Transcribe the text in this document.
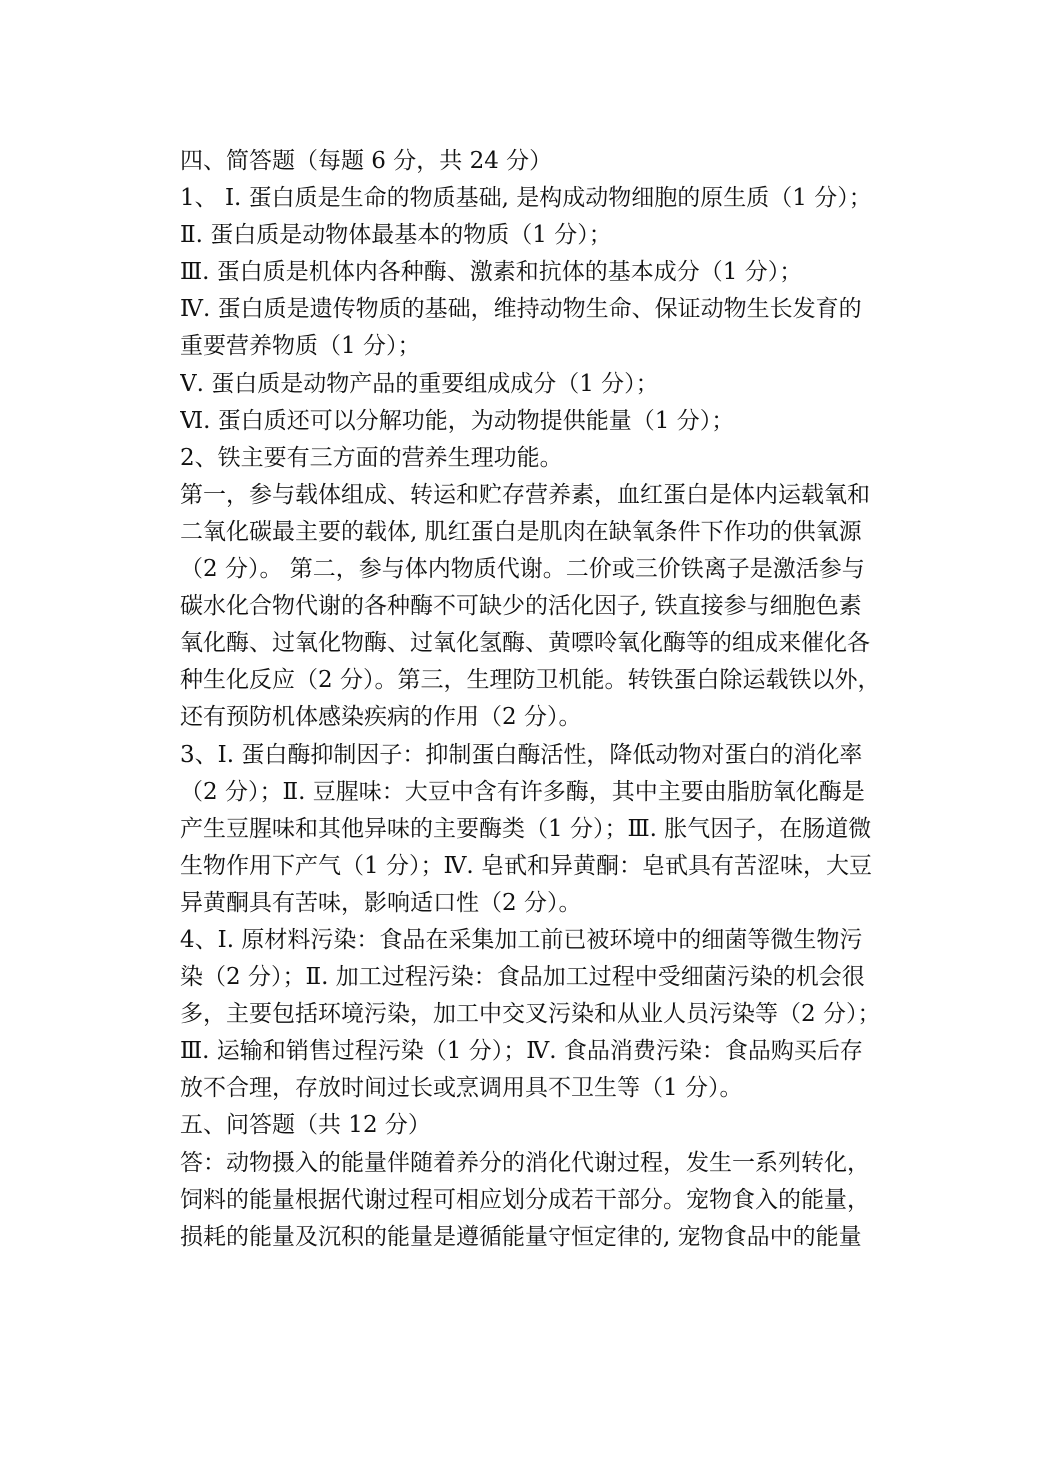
四、简答题（每题 6 分，共 24 分）
1、 Ⅰ. 蛋白质是生命的物质基础, 是构成动物细胞的原生质（1 分）；
Ⅱ. 蛋白质是动物体最基本的物质（1 分）；
Ⅲ. 蛋白质是机体内各种酶、激素和抗体的基本成分（1 分）；
Ⅳ. 蛋白质是遗传物质的基础，维持动物生命、保证动物生长发育的
重要营养物质（1 分）；
Ⅴ. 蛋白质是动物产品的重要组成成分（1 分）；
Ⅵ. 蛋白质还可以分解功能，为动物提供能量（1 分）；
2、铁主要有三方面的营养生理功能。
第一，参与载体组成、转运和贮存营养素，血红蛋白是体内运载氧和
二氧化碳最主要的载体, 肌红蛋白是肌肉在缺氧条件下作功的供氧源
（2 分）。 第二，参与体内物质代谢。二价或三价铁离子是激活参与
碳水化合物代谢的各种酶不可缺少的活化因子, 铁直接参与细胞色素
氧化酶、过氧化物酶、过氧化氢酶、黄嘌呤氧化酶等的组成来催化各
种生化反应（2 分）。第三，生理防卫机能。转铁蛋白除运载铁以外，
还有预防机体感染疾病的作用（2 分）。
3、Ⅰ. 蛋白酶抑制因子：抑制蛋白酶活性，降低动物对蛋白的消化率
（2 分）；Ⅱ. 豆腥味：大豆中含有许多酶，其中主要由脂肪氧化酶是
产生豆腥味和其他异味的主要酶类（1 分）；Ⅲ. 胀气因子，在肠道微
生物作用下产气（1 分）；Ⅳ. 皂甙和异黄酮：皂甙具有苦涩味，大豆
异黄酮具有苦味，影响适口性（2 分）。
4、Ⅰ. 原材料污染：食品在采集加工前已被环境中的细菌等微生物污
染（2 分）；Ⅱ. 加工过程污染：食品加工过程中受细菌污染的机会很
多，主要包括环境污染，加工中交叉污染和从业人员污染等（2 分）；
Ⅲ. 运输和销售过程污染（1 分）；Ⅳ. 食品消费污染：食品购买后存
放不合理，存放时间过长或烹调用具不卫生等（1 分）。
五、问答题（共 12 分）
答：动物摄入的能量伴随着养分的消化代谢过程，发生一系列转化，
饲料的能量根据代谢过程可相应划分成若干部分。宠物食入的能量，
损耗的能量及沉积的能量是遵循能量守恒定律的, 宠物食品中的能量
